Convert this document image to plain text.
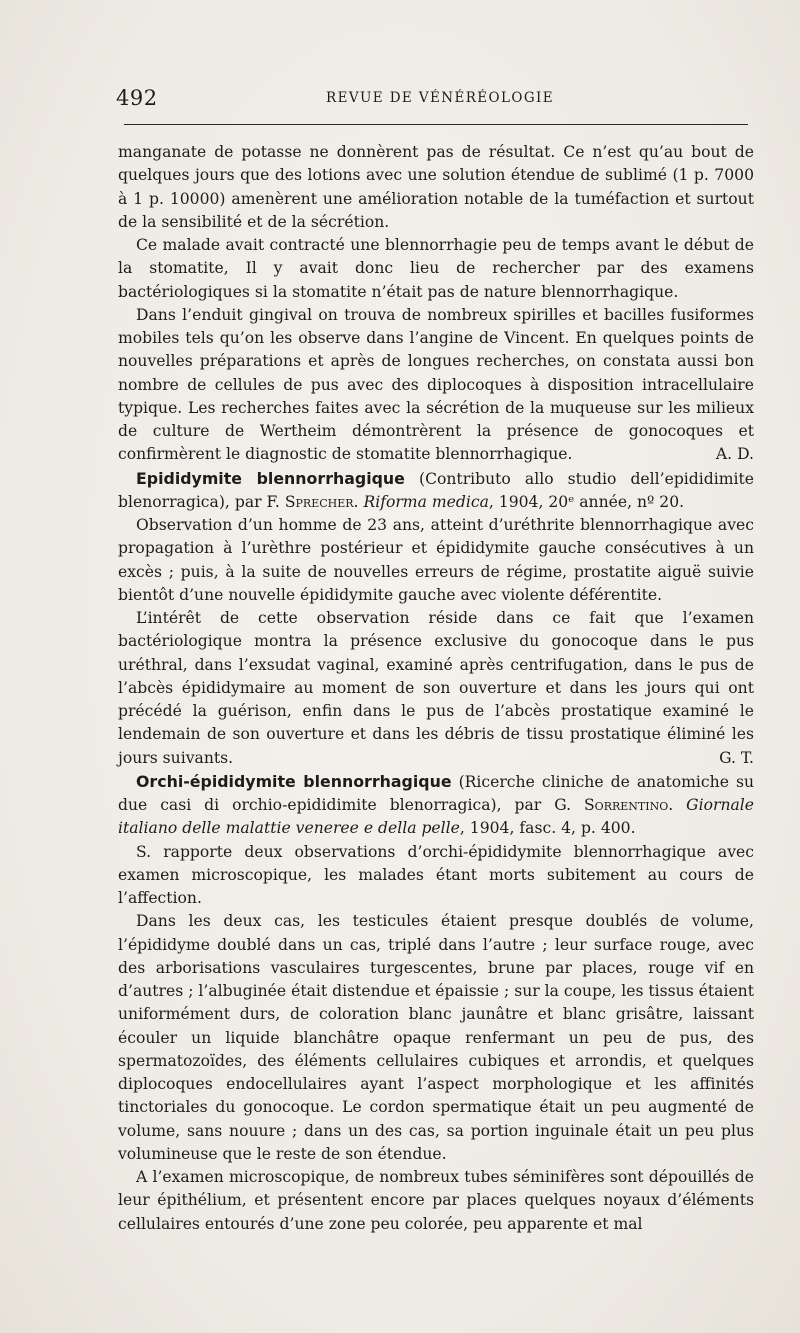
492	REVUE DE VÉNÉRÉOLOGIE

manganate de potasse ne donnèrent pas de résultat. Ce n’est qu’au bout de quelques jours que des lotions avec une solution étendue de sublimé (1 p. 7000 à 1 p. 10000) amenèrent une amélioration notable de la tuméfaction et surtout de la sensibilité et de la sécrétion.

Ce malade avait contracté une blennorrhagie peu de temps avant le début de la stomatite, Il y avait donc lieu de rechercher par des examens bactériologiques si la stomatite n’était pas de nature blennorrhagique.

Dans l’enduit gingival on trouva de nombreux spirilles et bacilles fusiformes mobiles tels qu’on les observe dans l’angine de Vincent. En quelques points de nouvelles préparations et après de longues recherches, on constata aussi bon nombre de cellules de pus avec des diplocoques à disposition intracellulaire typique. Les recherches faites avec la sécrétion de la muqueuse sur les milieux de culture de Wertheim démontrèrent la présence de gonocoques et confirmèrent le diagnostic de stomatite blennorrhagique.	A. D.

Epididymite blennorrhagique (Contributo allo studio dell’epididimite blenorragica), par F. Sprecher. Riforma medica, 1904, 20ᵉ année, nº 20.

Observation d’un homme de 23 ans, atteint d’uréthrite blennorrhagique avec propagation à l’urèthre postérieur et épididymite gauche consécutives à un excès ; puis, à la suite de nouvelles erreurs de régime, prostatite aiguë suivie bientôt d’une nouvelle épididymite gauche avec violente déférentite.

L’intérêt de cette observation réside dans ce fait que l’examen bactériologique montra la présence exclusive du gonocoque dans le pus uréthral, dans l’exsudat vaginal, examiné après centrifugation, dans le pus de l’abcès épididymaire au moment de son ouverture et dans les jours qui ont précédé la guérison, enfin dans le pus de l’abcès prostatique examiné le lendemain de son ouverture et dans les débris de tissu prostatique éliminé les jours suivants.	G. T.

Orchi-épididymite blennorrhagique (Ricerche cliniche de anatomiche su due casi di orchio-epididimite blenorragica), par G. Sorrentino. Giornale italiano delle malattie veneree e della pelle, 1904, fasc. 4, p. 400.

S. rapporte deux observations d’orchi-épididymite blennorrhagique avec examen microscopique, les malades étant morts subitement au cours de l’affection.

Dans les deux cas, les testicules étaient presque doublés de volume, l’épididyme doublé dans un cas, triplé dans l’autre ; leur surface rouge, avec des arborisations vasculaires turgescentes, brune par places, rouge vif en d’autres ; l’albuginée était distendue et épaissie ; sur la coupe, les tissus étaient uniformément durs, de coloration blanc jaunâtre et blanc grisâtre, laissant écouler un liquide blanchâtre opaque renfermant un peu de pus, des spermatozoïdes, des éléments cellulaires cubiques et arrondis, et quelques diplocoques endocellulaires ayant l’aspect morphologique et les affinités tinctoriales du gonocoque. Le cordon spermatique était un peu augmenté de volume, sans nouure ; dans un des cas, sa portion inguinale était un peu plus volumineuse que le reste de son étendue.

A l’examen microscopique, de nombreux tubes séminifères sont dépouillés de leur épithélium, et présentent encore par places quelques noyaux d’éléments cellulaires entourés d’une zone peu colorée, peu apparente et mal
